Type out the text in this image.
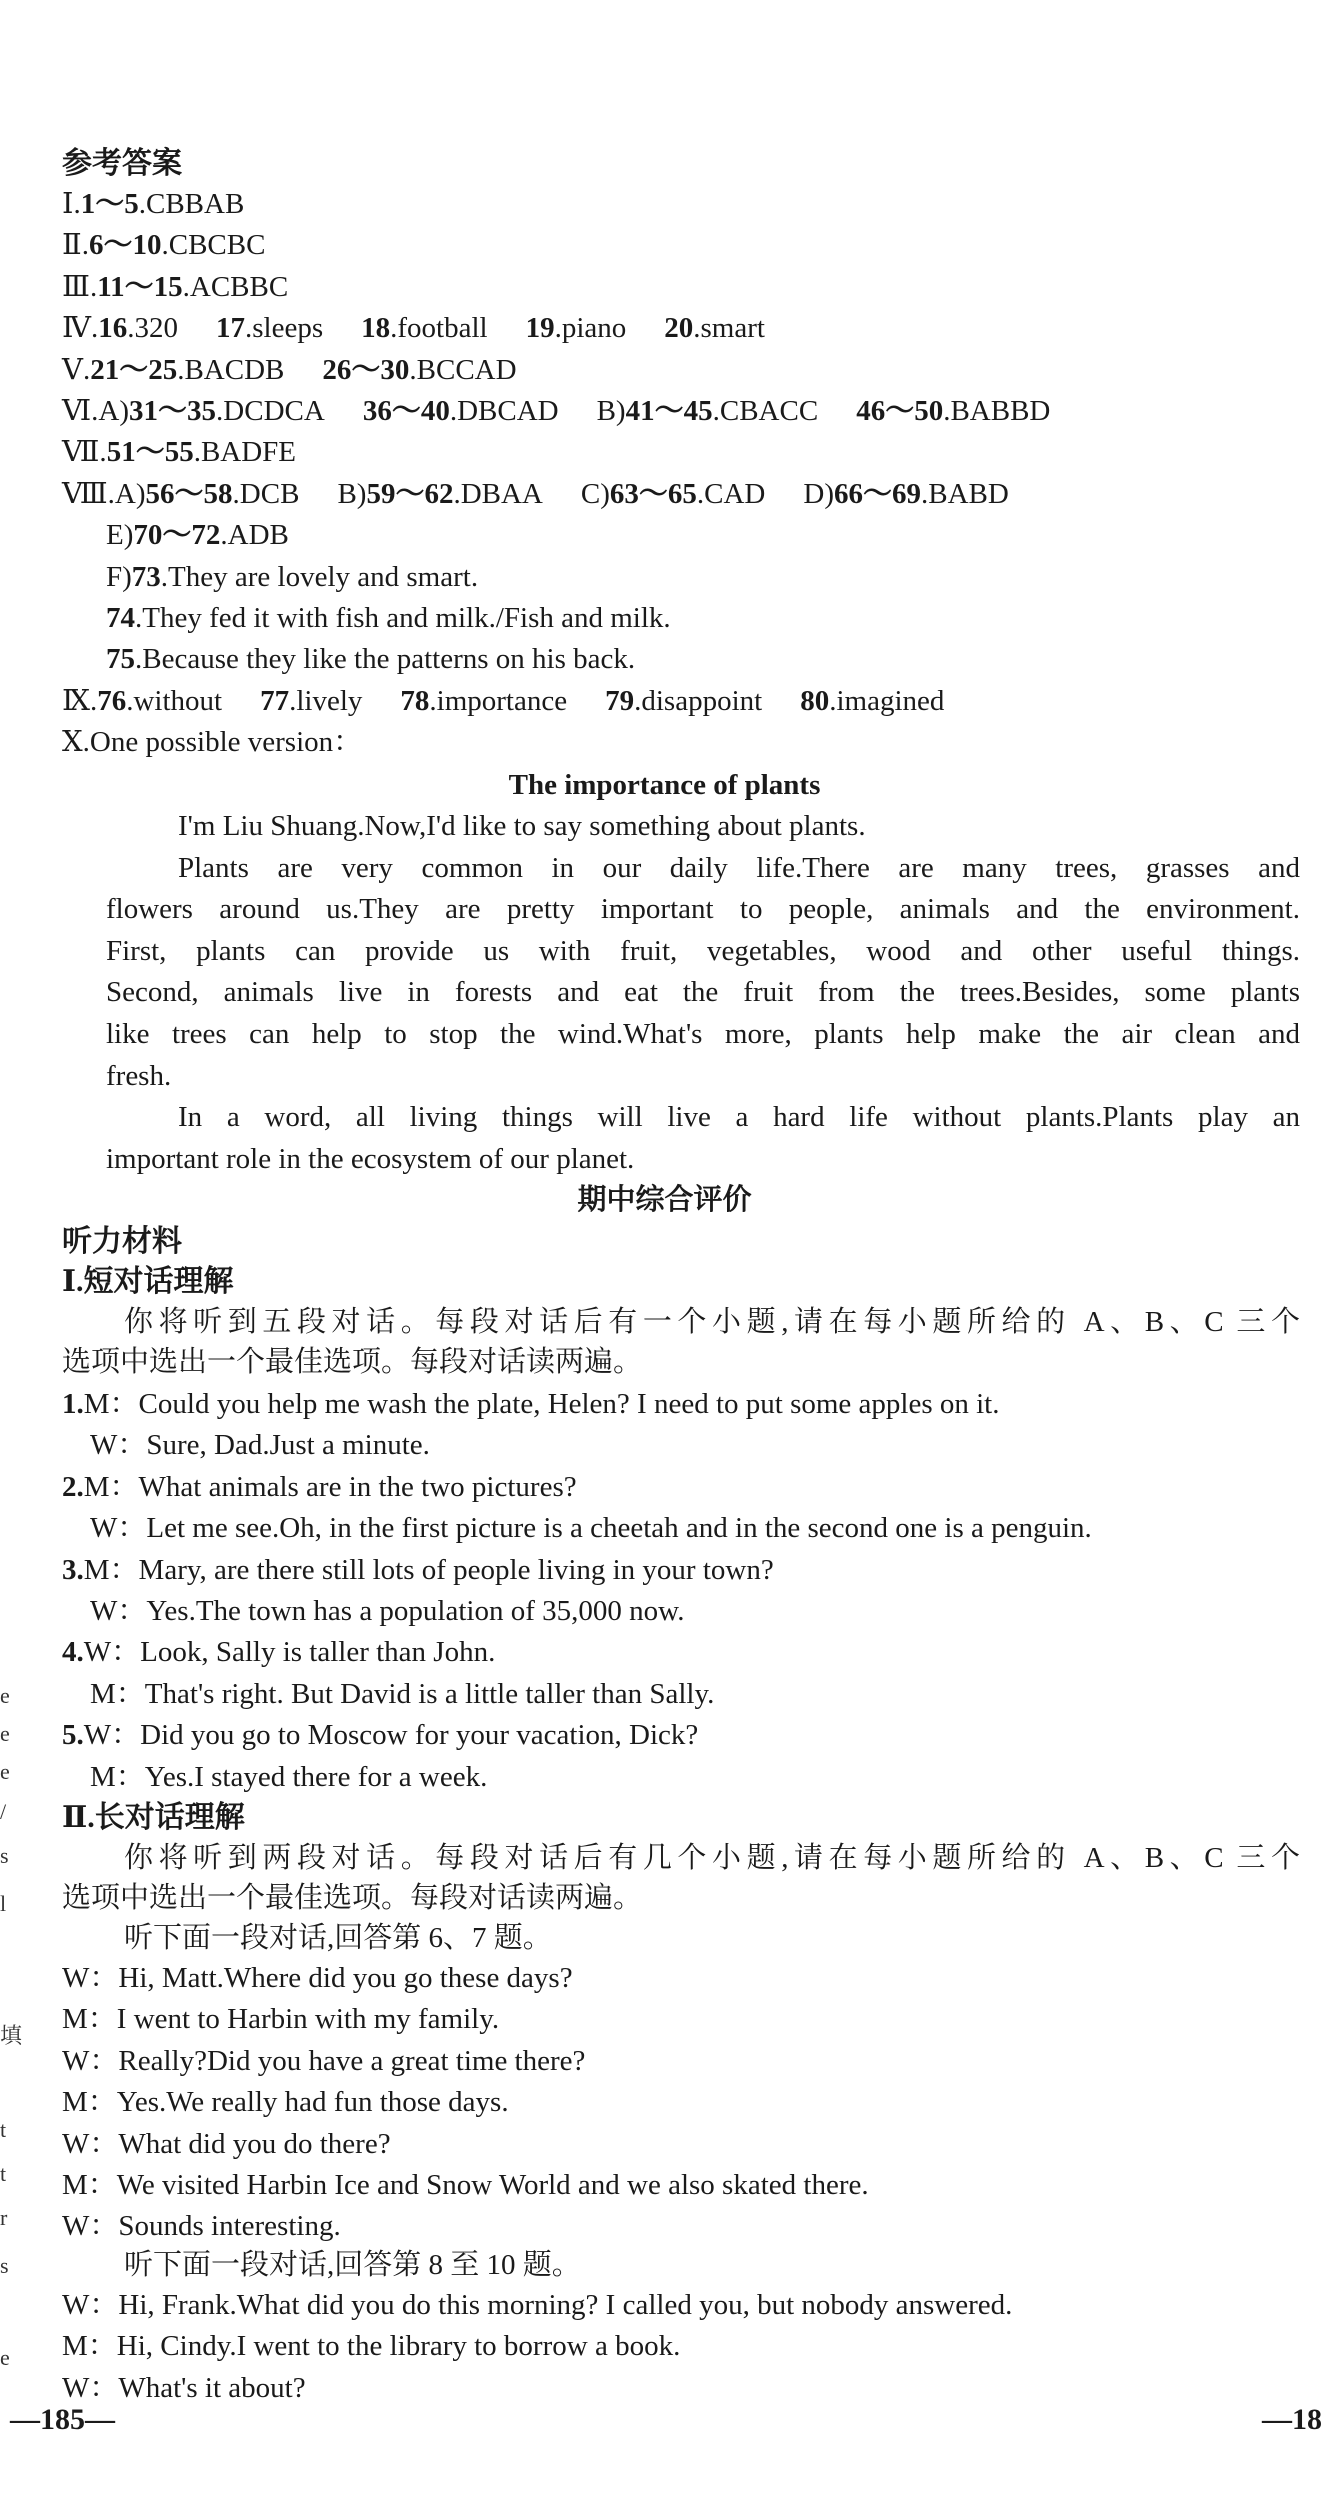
参考答案
Ⅰ.1～5.CBBAB
Ⅱ.6～10.CBCBC
Ⅲ.11～15.ACBBC
Ⅳ.16.320 17.sleeps 18.football 19.piano 20.smart
Ⅴ.21～25.BACDB 26～30.BCCAD
Ⅵ.A)31～35.DCDCA 36～40.DBCAD B)41～45.CBACC 46～50.BABBD
Ⅶ.51～55.BADFE
Ⅷ.A)56～58.DCB B)59～62.DBAA C)63～65.CAD D)66～69.BABD
E)70～72.ADB
F)73.They are lovely and smart.
74.They fed it with fish and milk./Fish and milk.
75.Because they like the patterns on his back.
Ⅸ.76.without 77.lively 78.importance 79.disappoint 80.imagined
Ⅹ.One possible version：
The importance of plants
I'm Liu Shuang.Now,I'd like to say something about plants.
Plants are very common in our daily life.There are many trees, grasses and
flowers around us.They are pretty important to people, animals and the environment.
First, plants can provide us with fruit, vegetables, wood and other useful things.
Second, animals live in forests and eat the fruit from the trees.Besides, some plants
like trees can help to stop the wind.What's more, plants help make the air clean and
fresh.
In a word, all living things will live a hard life without plants.Plants play an
important role in the ecosystem of our planet.
期中综合评价
听力材料
Ⅰ.短对话理解
你将听到五段对话。每段对话后有一个小题,请在每小题所给的 A、B、C 三个
选项中选出一个最佳选项。每段对话读两遍。
1.M：Could you help me wash the plate, Helen? I need to put some apples on it.
W：Sure, Dad.Just a minute.
2.M：What animals are in the two pictures?
W：Let me see.Oh, in the first picture is a cheetah and in the second one is a penguin.
3.M：Mary, are there still lots of people living in your town?
W：Yes.The town has a population of 35,000 now.
4.W：Look, Sally is taller than John.
M：That's right. But David is a little taller than Sally.
5.W：Did you go to Moscow for your vacation, Dick?
M：Yes.I stayed there for a week.
Ⅱ.长对话理解
你将听到两段对话。每段对话后有几个小题,请在每小题所给的 A、B、C 三个
选项中选出一个最佳选项。每段对话读两遍。
听下面一段对话,回答第 6、7 题。
W：Hi, Matt.Where did you go these days?
M：I went to Harbin with my family.
W：Really?Did you have a great time there?
M：Yes.We really had fun those days.
W：What did you do there?
M：We visited Harbin Ice and Snow World and we also skated there.
W：Sounds interesting.
听下面一段对话,回答第 8 至 10 题。
W：Hi, Frank.What did you do this morning? I called you, but nobody answered.
M：Hi, Cindy.I went to the library to borrow a book.
W：What's it about?
e
e
e
/
s
l
填
t
t
r
s
e
—185—	—18
